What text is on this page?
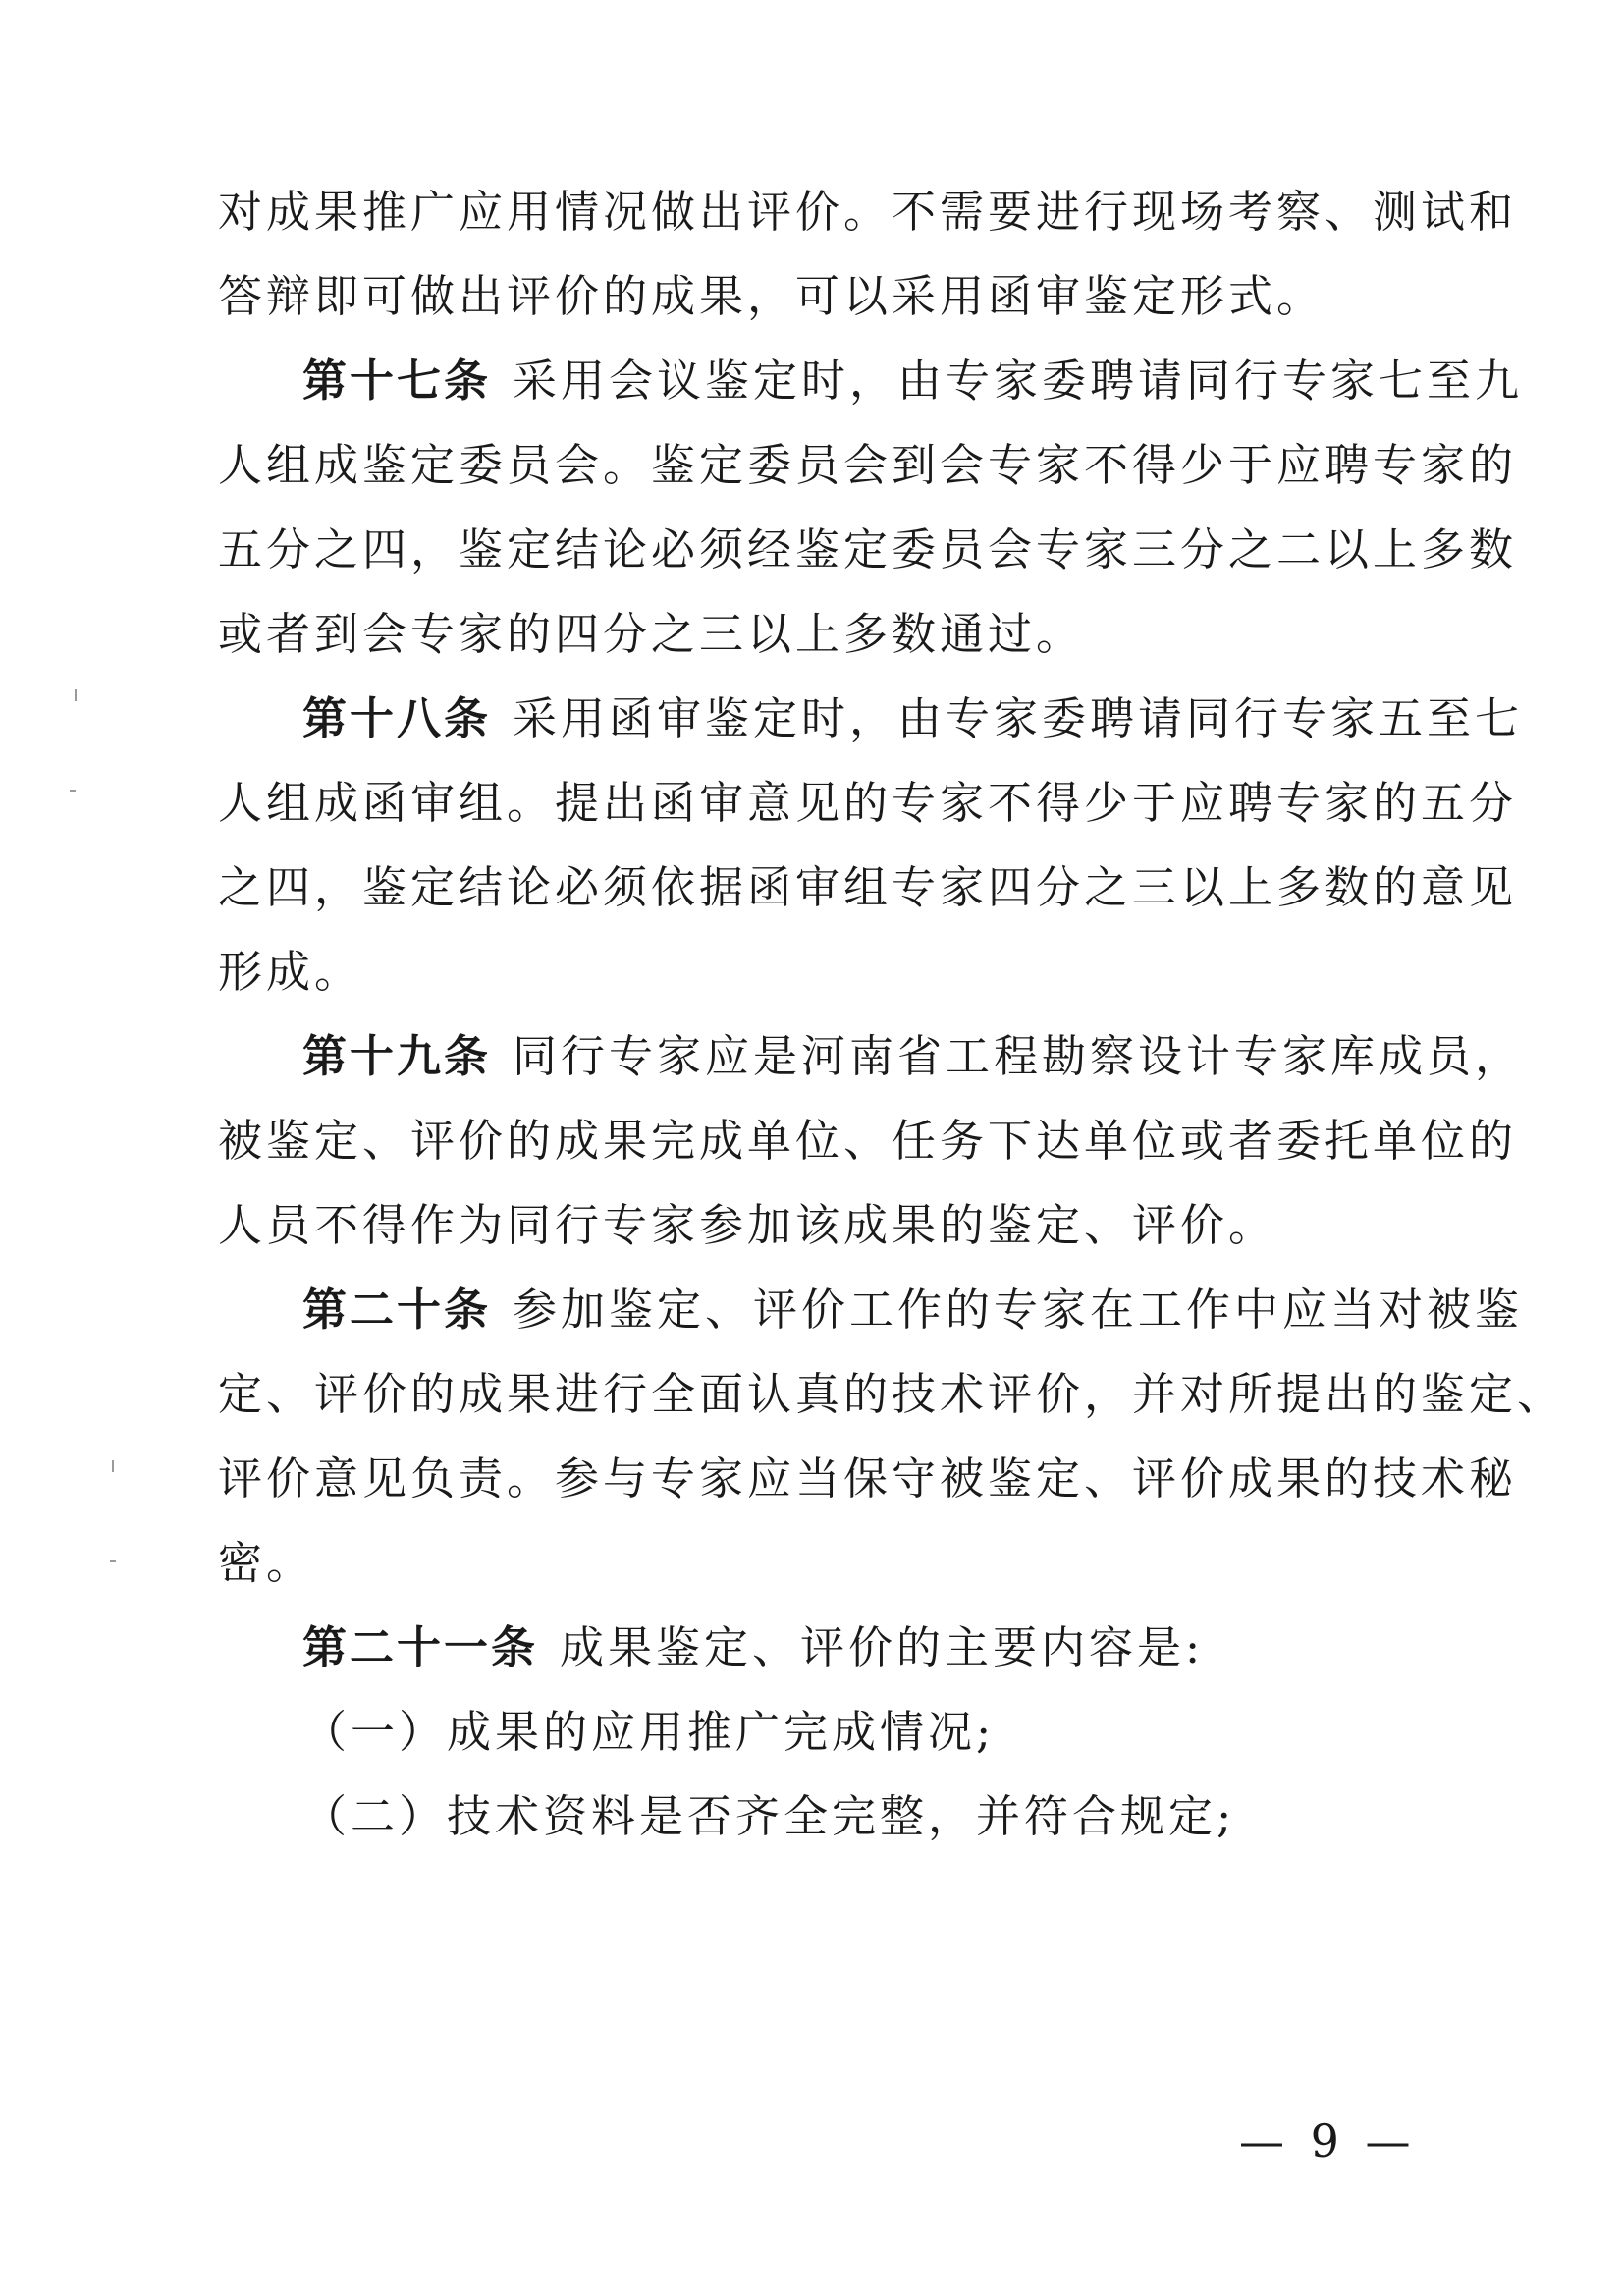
对成果推广应用情况做出评价。不需要进行现场考察、测试和
答辩即可做出评价的成果，可以采用函审鉴定形式。
第十七条 采用会议鉴定时，由专家委聘请同行专家七至九
人组成鉴定委员会。鉴定委员会到会专家不得少于应聘专家的
五分之四，鉴定结论必须经鉴定委员会专家三分之二以上多数
或者到会专家的四分之三以上多数通过。
第十八条 采用函审鉴定时，由专家委聘请同行专家五至七
人组成函审组。提出函审意见的专家不得少于应聘专家的五分
之四，鉴定结论必须依据函审组专家四分之三以上多数的意见
形成。
第十九条 同行专家应是河南省工程勘察设计专家库成员，
被鉴定、评价的成果完成单位、任务下达单位或者委托单位的
人员不得作为同行专家参加该成果的鉴定、评价。
第二十条 参加鉴定、评价工作的专家在工作中应当对被鉴
定、评价的成果进行全面认真的技术评价，并对所提出的鉴定、
评价意见负责。参与专家应当保守被鉴定、评价成果的技术秘
密。
第二十一条 成果鉴定、评价的主要内容是:
（一）成果的应用推广完成情况;
（二）技术资料是否齐全完整，并符合规定;
— 9 —
